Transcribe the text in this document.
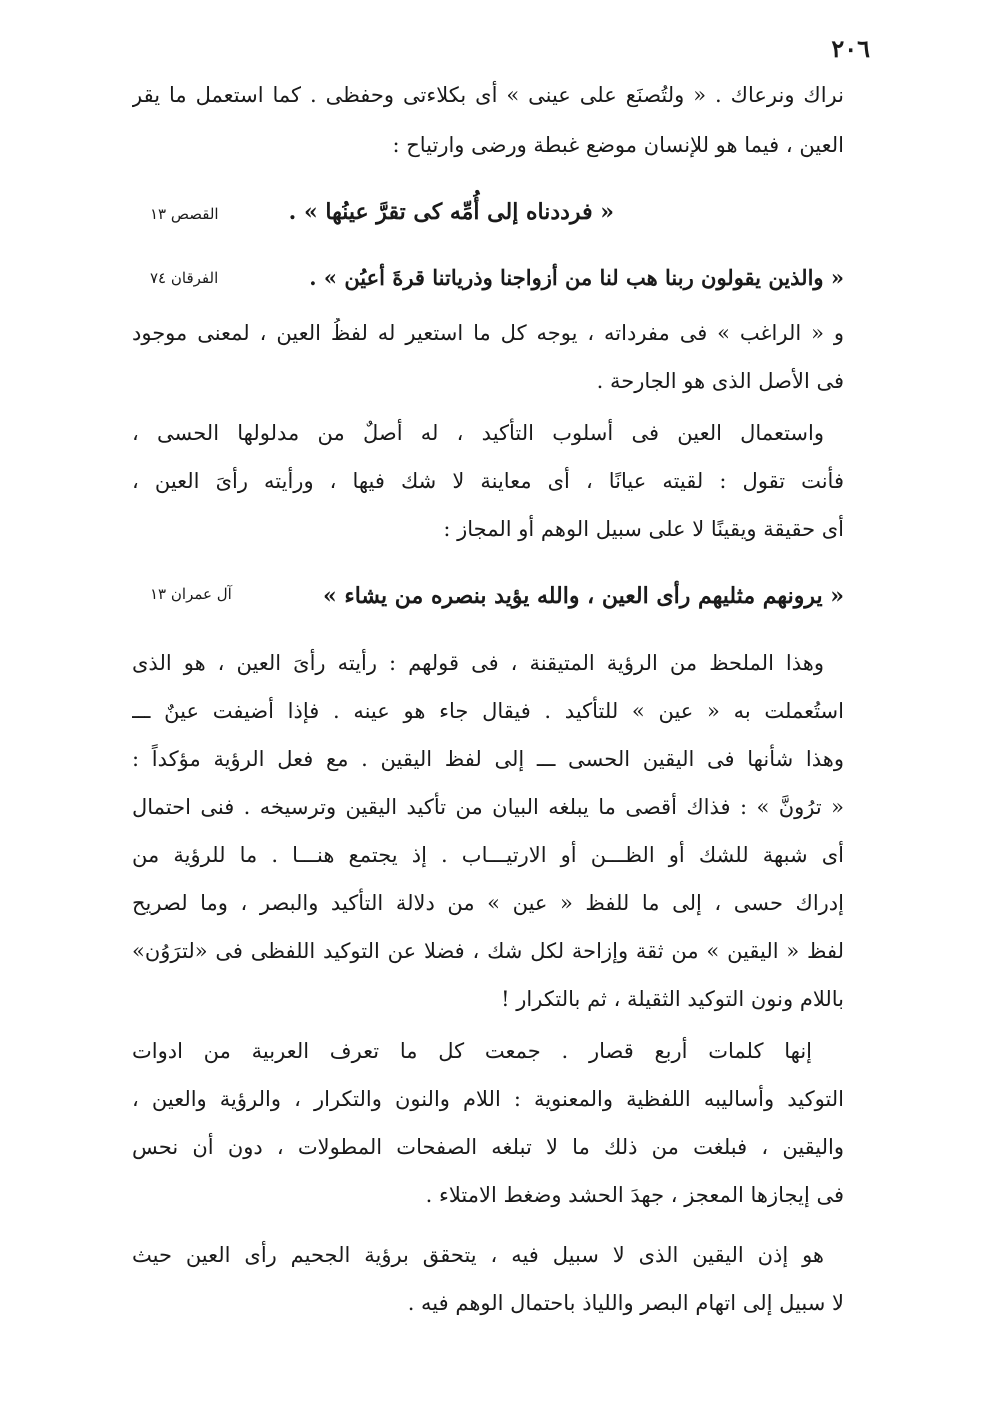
٢٠٦
نراك ونرعاك . « ولتُصنَع على عينى » أى بكلاءتى وحفظى . كما استعمل ما يقر
العين ، فيما هو للإنسان موضع غبطة ورضى وارتياح :
« فرددناه إلى أُمِّه كى تقرَّ عينُها » .
القصص ١٣
« والذين يقولون ربنا هب لنا من أزواجنا وذرياتنا قرةَ أعيُن » .
الفرقان ٧٤
و « الراغب » فى مفرداته ، يوجه كل ما استعير له لفظُ العين ، لمعنى موجود
فى الأصل الذى هو الجارحة .
واستعمال العين فى أسلوب التأكيد ، له أصلٌ من مدلولها الحسى ،
فأنت تقول : لقيته عيانًا ، أى معاينة لا شك فيها ، ورأيته رأىَ العين ،
أى حقيقة ويقينًا لا على سبيل الوهم أو المجاز :
« يرونهم مثليهم رأى العين ، والله يؤيد بنصره من يشاء »
آل عمران ١٣
وهذا الملحظ من الرؤية المتيقنة ، فى قولهم : رأيته رأىَ العين ، هو الذى
استُعملت به « عين » للتأكيد . فيقال جاء هو عينه . فإذا أضيفت عينٌ ـــ
وهذا شأنها فى اليقين الحسى ـــ إلى لفظ اليقين . مع فعل الرؤية مؤكداً :
« ترُونَّ » : فذاك أقصى ما يبلغه البيان من تأكيد اليقين وترسيخه . فنى احتمال
أى شبهة للشك أو الظـــن أو الارتيـــاب . إذ يجتمع هنـــا . ما للرؤية من
إدراك حسى ، إلى ما للفظ « عين » من دلالة التأكيد والبصر ، وما لصريح
لفظ « اليقين » من ثقة وإزاحة لكل شك ، فضلا عن التوكيد اللفظى فى «لترَوُن»
باللام ونون التوكيد الثقيلة ، ثم بالتكرار !
إنها كلمات أربع قصار . جمعت كل ما تعرف العربية من ادوات
التوكيد وأساليبه اللفظية والمعنوية : اللام والنون والتكرار ، والرؤية والعين ،
واليقين ، فبلغت من ذلك ما لا تبلغه الصفحات المطولات ، دون أن نحس
فى إيجازها المعجز ، جهدَ الحشد وضغط الامتلاء .
هو إذن اليقين الذى لا سبيل فيه ، يتحقق برؤية الجحيم رأى العين حيث
لا سبيل إلى اتهام البصر واللياذ باحتمال الوهم فيه .
